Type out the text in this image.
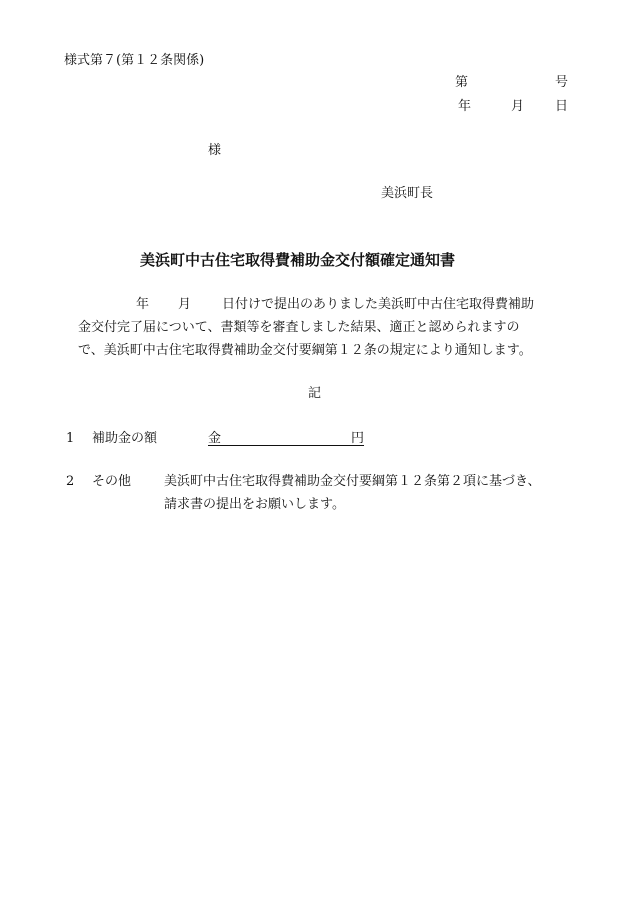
様式第７(第１２条関係)
第	号
年	月 日
様
美浜町長
美浜町中古住宅取得費補助金交付額確定通知書
年 月 日付けで提出のありました美浜町中古住宅取得費補助
金交付完了届について、書類等を審査しました結果、適正と認められますの
で、美浜町中古住宅取得費補助金交付要綱第１２条の規定により通知します。
記
1 補助金の額	金　　　　　　　　　　円
2 その他	美浜町中古住宅取得費補助金交付要綱第１２条第２項に基づき、
請求書の提出をお願いします。
